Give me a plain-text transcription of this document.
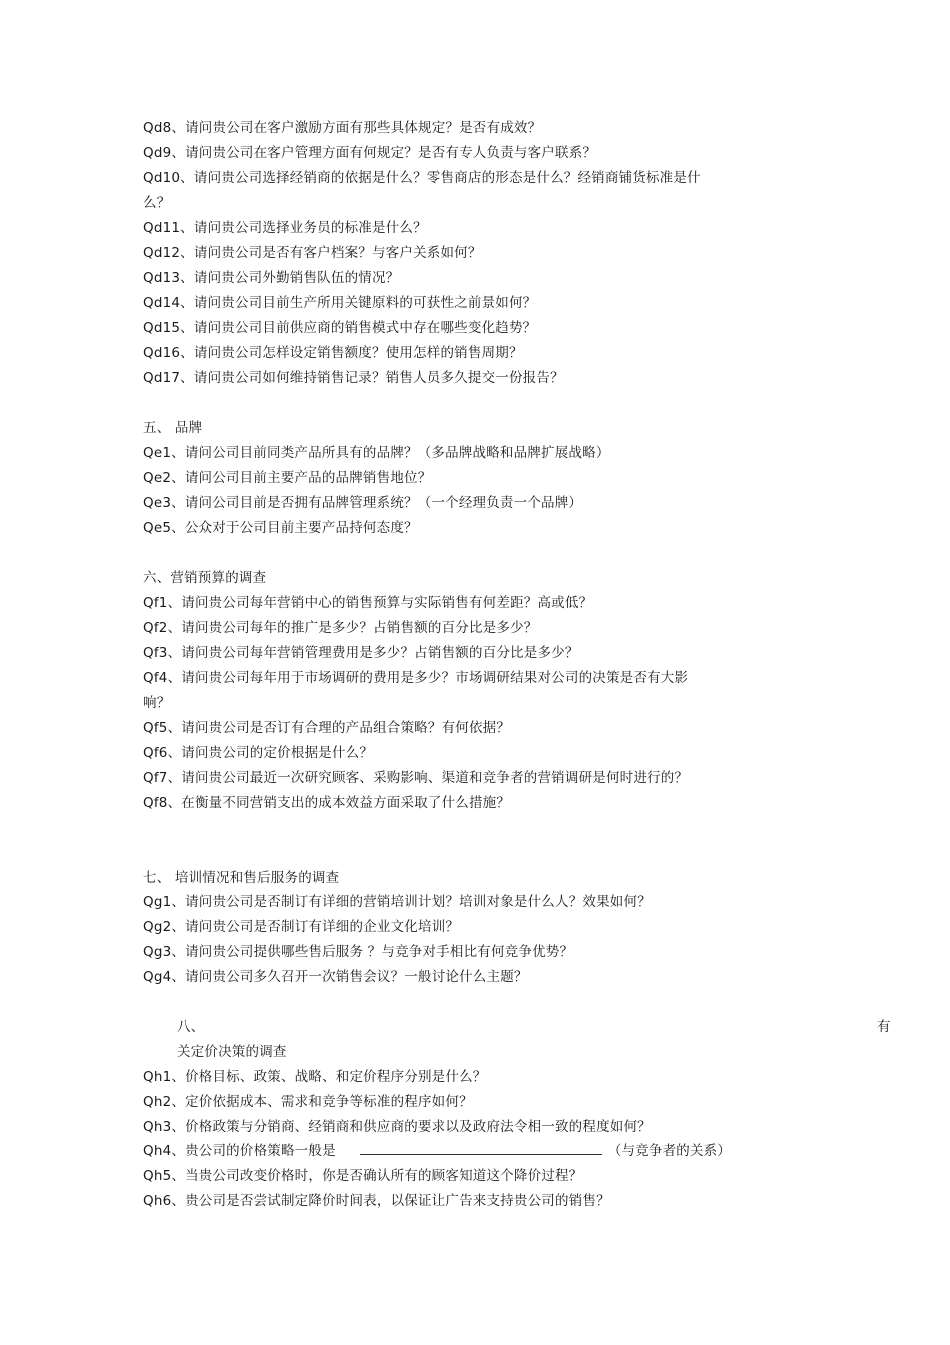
Qd8、请问贵公司在客户激励方面有那些具体规定？是否有成效？
Qd9、请问贵公司在客户管理方面有何规定？是否有专人负责与客户联系？
Qd10、请问贵公司选择经销商的依据是什么？零售商店的形态是什么？经销商铺货标准是什
么？
Qd11、请问贵公司选择业务员的标准是什么？
Qd12、请问贵公司是否有客户档案？与客户关系如何？
Qd13、请问贵公司外勤销售队伍的情况？
Qd14、请问贵公司目前生产所用关键原料的可获性之前景如何？
Qd15、请问贵公司目前供应商的销售模式中存在哪些变化趋势？
Qd16、请问贵公司怎样设定销售额度？使用怎样的销售周期？
Qd17、请问贵公司如何维持销售记录？销售人员多久提交一份报告？
五、 品牌
Qe1、请问公司目前同类产品所具有的品牌？（多品牌战略和品牌扩展战略）
Qe2、请问公司目前主要产品的品牌销售地位？
Qe3、请问公司目前是否拥有品牌管理系统？（一个经理负责一个品牌）
Qe5、公众对于公司目前主要产品持何态度？
六、营销预算的调查
Qf1、请问贵公司每年营销中心的销售预算与实际销售有何差距？高或低？
Qf2、请问贵公司每年的推广是多少？占销售额的百分比是多少？
Qf3、请问贵公司每年营销管理费用是多少？占销售额的百分比是多少？
Qf4、请问贵公司每年用于市场调研的费用是多少？市场调研结果对公司的决策是否有大影
响？
Qf5、请问贵公司是否订有合理的产品组合策略？有何依据？
Qf6、请问贵公司的定价根据是什么？
Qf7、请问贵公司最近一次研究顾客、采购影响、渠道和竞争者的营销调研是何时进行的？
Qf8、在衡量不同营销支出的成本效益方面采取了什么措施？
七、 培训情况和售后服务的调查
Qg1、请问贵公司是否制订有详细的营销培训计划？培训对象是什么人？效果如何？
Qg2、请问贵公司是否制订有详细的企业文化培训？
Qg3、请问贵公司提供哪些售后服务 ？与竞争对手相比有何竞争优势？
Qg4、请问贵公司多久召开一次销售会议？一般讨论什么主题？
八、	有
关定价决策的调查
Qh1、价格目标、政策、战略、和定价程序分别是什么？
Qh2、定价依据成本、需求和竞争等标准的程序如何？
Qh3、价格政策与分销商、经销商和供应商的要求以及政府法令相一致的程度如何？
Qh4、贵公司的价格策略一般是	（与竞争者的关系）
Qh5、当贵公司改变价格时，你是否确认所有的顾客知道这个降价过程？
Qh6、贵公司是否尝试制定降价时间表，以保证让广告来支持贵公司的销售？
